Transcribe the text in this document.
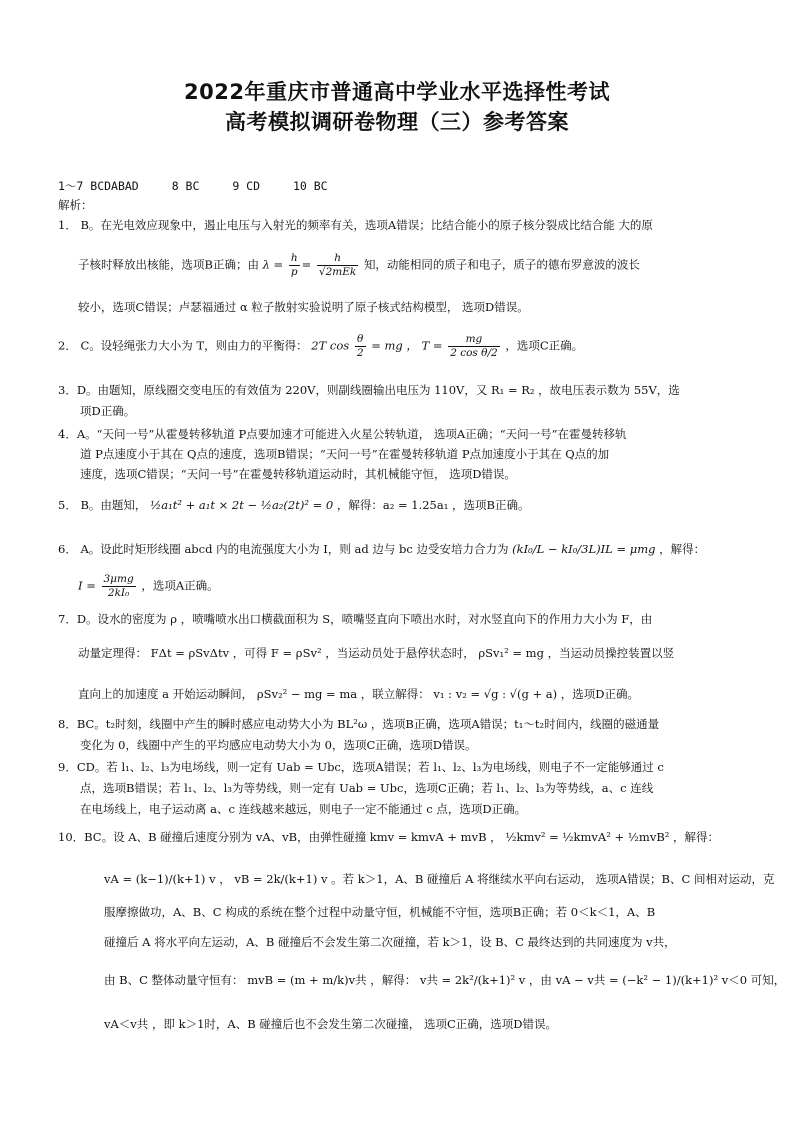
2022年重庆市普通高中学业水平选择性考试
高考模拟调研卷物理（三）参考答案
1～7 BCDABAD	8 BC	9 CD	10 BC
解析：
1． B。在光电效应现象中，遏止电压与入射光的频率有关，选项A错误；比结合能小的原子核分裂成比结合能 大的原
子核时释放出核能，选项B正确；由 $\lambda = \frac{h}{p}$ =	h
√2mEk
知，动能相同的质子和电子，质子的德布罗意波的波长
较小，选项C错误；卢瑟福通过 α 粒子散射实验说明了原子核式结构模型， 选项D错误。
2． C。设轻绳张力大小为 T，则由力的平衡得： 2T $\cos \frac{\theta}{2}$ = mg ， $T = \frac{mg}{\text{2 cos θ/2}}$ ，选项C正确。
3．D。由题知，原线圈交变电压的有效值为 220V，则副线圈输出电压为 110V，又 R₁ = R₂ ，故电压表示数为 55V，选
项D正确。
4．A。“天问一号”从霍曼转移轨道 P点要加速才可能进入火星公转轨道， 选项A正确；“天问一号”在霍曼转移轨
道 P点速度小于其在 Q点的速度，选项B错误；“天问一号”在霍曼转移轨道 P点加速度小于其在 Q点的加
速度，选项C错误；“天问一号”在霍曼转移轨道运动时，其机械能守恒， 选项D错误。
5． B。由题知， ½a₁t² + a₁t × 2t − ½a₂(2t)² = 0 ，解得：a₂ = 1.25a₁ ，选项B正确。
6． A。设此时矩形线圈 abcd 内的电流强度大小为 I，则 ad 边与 bc 边受安培力合力为 (kI₀/L − kI₀/3L)IL = μmg ，解得：
I = 3μmg
2kI₀
，选项A正确。
7．D。设水的密度为 ρ ，喷嘴喷水出口横截面积为 S，喷嘴竖直向下喷出水时，对水竖直向下的作用力大小为 F，由
动量定理得： FΔt = ρSvΔtv ，可得 F = ρSv² ，当运动员处于悬停状态时， ρSv₁² = mg ，当运动员操控装置以竖
直向上的加速度 a 开始运动瞬间， ρSv₂² − mg = ma ，联立解得： v₁ : v₂ = √g : √(g + a) ，选项D正确。
8．BC。t₂时刻，线圈中产生的瞬时感应电动势大小为 BL²ω ，选项B正确，选项A错误；t₁～t₂时间内，线圈的磁通量
变化为 0，线圈中产生的平均感应电动势大小为 0，选项C正确，选项D错误。
9．CD。若 l₁、l₂、l₃为电场线，则一定有 Uab = Ubc，选项A错误；若 l₁、l₂、l₃为电场线，则电子不一定能够通过 c
点，选项B错误；若 l₁、l₂、l₃为等势线，则一定有 Uab = Ubc，选项C正确；若 l₁、l₂、l₃为等势线，a、c 连线
在电场线上，电子运动离 a、c 连线越来越远，则电子一定不能通过 c 点，选项D正确。
10．BC。设 A、B 碰撞后速度分别为 vA、vB，由弹性碰撞 kmv = kmvA + mvB ， ½kmv² = ½kmvA² + ½mvB² ，解得：
vA = (k−1)/(k+1) v ， vB = 2k/(k+1) v 。若 k＞1，A、B 碰撞后 A 将继续水平向右运动， 选项A错误；B、C 间相对运动，克
服摩擦做功，A、B、C 构成的系统在整个过程中动量守恒，机械能不守恒，选项B正确；若 0＜k＜1，A、B
碰撞后 A 将水平向左运动，A、B 碰撞后不会发生第二次碰撞，若 k＞1，设 B、C 最终达到的共同速度为 v共，
由 B、C 整体动量守恒有： mvB = (m + m/k)v共 ，解得： v共 = 2k²/(k+1)² v ，由 vA − v共 = (−k² − 1)/(k+1)² v＜0 可知，
vA＜v共 ，即 k＞1时，A、B 碰撞后也不会发生第二次碰撞， 选项C正确，选项D错误。
